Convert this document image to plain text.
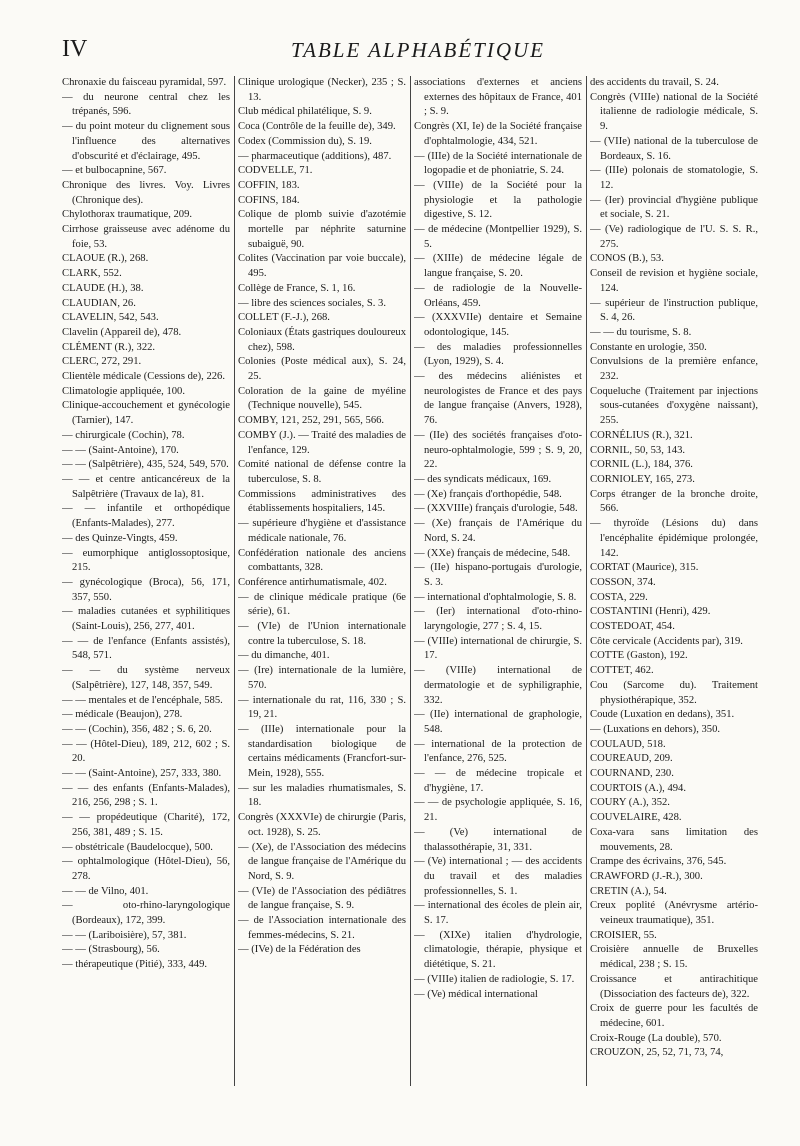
IV	TABLE ALPHABÉTIQUE

Chronaxie du faisceau pyramidal, 597.

— du neurone central chez les trépanés, 596.

— du point moteur du clignement sous l'influence des alternatives d'obscurité et d'éclairage, 495.

— et bulbocapnine, 567.

Chronique des livres. Voy. Livres (Chronique des).

Chylothorax traumatique, 209.

Cirrhose graisseuse avec adénome du foie, 53.

CLAOUE (R.), 268.

CLARK, 552.

CLAUDE (H.), 38.

CLAUDIAN, 26.

CLAVELIN, 542, 543.

Clavelin (Appareil de), 478.

CLÉMENT (R.), 322.

CLERC, 272, 291.

Clientèle médicale (Cessions de), 226.

Climatologie appliquée, 100.

Clinique-accouchement et gynécologie (Tarnier), 147.

— chirurgicale (Cochin), 78.

— — (Saint-Antoine), 170.

— — (Salpêtrière), 435, 524, 549, 570.

— — et centre anticancéreux de la Salpêtrière (Travaux de la), 81.

— — infantile et orthopédique (Enfants-Malades), 277.

— des Quinze-Vingts, 459.

— eumorphique antiglossoptosique, 215.

— gynécologique (Broca), 56, 171, 357, 550.

— maladies cutanées et syphilitiques (Saint-Louis), 256, 277, 401.

— — de l'enfance (Enfants assistés), 548, 571.

— — du système nerveux (Salpêtrière), 127, 148, 357, 549.

— — mentales et de l'encéphale, 585.

— médicale (Beaujon), 278.

— — (Cochin), 356, 482 ; S. 6, 20.

— — (Hôtel-Dieu), 189, 212, 602 ; S. 20.

— — (Saint-Antoine), 257, 333, 380.

— — des enfants (Enfants-Malades), 216, 256, 298 ; S. 1.

— — propédeutique (Charité), 172, 256, 381, 489 ; S. 15.

— obstétricale (Baudelocque), 500.

— ophtalmologique (Hôtel-Dieu), 56, 278.

— — de Vilno, 401.

— oto-rhino-laryngologique (Bordeaux), 172, 399.

— — (Lariboisière), 57, 381.

— — (Strasbourg), 56.

— thérapeutique (Pitié), 333, 449.

Clinique urologique (Necker), 235 ; S. 13.

Club médical philatélique, S. 9.

Coca (Contrôle de la feuille de), 349.

Codex (Commission du), S. 19.

— pharmaceutique (additions), 487.

CODVELLE, 71.

COFFIN, 183.

COFINS, 184.

Colique de plomb suivie d'azotémie mortelle par néphrite saturnine subaiguë, 90.

Colites (Vaccination par voie buccale), 495.

Collège de France, S. 1, 16.

— libre des sciences sociales, S. 3.

COLLET (F.-J.), 268.

Coloniaux (États gastriques douloureux chez), 598.

Colonies (Poste médical aux), S. 24, 25.

Coloration de la gaine de myéline (Technique nouvelle), 545.

COMBY, 121, 252, 291, 565, 566.

COMBY (J.). — Traité des maladies de l'enfance, 129.

Comité national de défense contre la tuberculose, S. 8.

Commissions administratives des établissements hospitaliers, 145.

— supérieure d'hygiène et d'assistance médicale nationale, 76.

Confédération nationale des anciens combattants, 328.

Conférence antirhumatismale, 402.

— de clinique médicale pratique (6e série), 61.

— (VIe) de l'Union internationale contre la tuberculose, S. 18.

— du dimanche, 401.

— (Ire) internationale de la lumière, 570.

— internationale du rat, 116, 330 ; S. 19, 21.

— (IIIe) internationale pour la standardisation biologique de certains médicaments (Francfort-sur-Mein, 1928), 555.

— sur les maladies rhumatismales, S. 18.

Congrès (XXXVIe) de chirurgie (Paris, oct. 1928), S. 25.

— (Xe), de l'Association des médecins de langue française de l'Amérique du Nord, S. 9.

— (VIe) de l'Association des pédiâtres de langue française, S. 9.

— de l'Association internationale des femmes-médecins, S. 21.

— (IVe) de la Fédération des

associations d'externes et anciens externes des hôpitaux de France, 401 ; S. 9.

Congrès (XI, Ie) de la Société française d'ophtalmologie, 434, 521.

— (IIIe) de la Société internationale de logopadie et de phoniatrie, S. 24.

— (VIIIe) de la Société pour la physiologie et la pathologie digestive, S. 12.

— de médecine (Montpellier 1929), S. 5.

— (XIIIe) de médecine légale de langue française, S. 20.

— de radiologie de la Nouvelle-Orléans, 459.

— (XXXVIIe) dentaire et Semaine odontologique, 145.

— des maladies professionnelles (Lyon, 1929), S. 4.

— des médecins aliénistes et neurologistes de France et des pays de langue française (Anvers, 1928), 76.

— (IIe) des sociétés françaises d'oto-neuro-ophtalmologie, 599 ; S. 9, 20, 22.

— des syndicats médicaux, 169.

— (Xe) français d'orthopédie, 548.

— (XXVIIIe) français d'urologie, 548.

— (Xe) français de l'Amérique du Nord, S. 24.

— (XXe) français de médecine, 548.

— (IIe) hispano-portugais d'urologie, S. 3.

— international d'ophtalmologie, S. 8.

— (Ier) international d'oto-rhino-laryngologie, 277 ; S. 4, 15.

— (VIIIe) international de chirurgie, S. 17.

— (VIIIe) international de dermatologie et de syphiligraphie, 332.

— (IIe) international de graphologie, 548.

— international de la protection de l'enfance, 276, 525.

— — de médecine tropicale et d'hygiène, 17.

— — de psychologie appliquée, S. 16, 21.

— (Ve) international de thalassothérapie, 31, 331.

— (Ve) international ; — des accidents du travail et des maladies professionnelles, S. 1.

— international des écoles de plein air, S. 17.

— (XIXe) italien d'hydrologie, climatologie, thérapie, physique et diététique, S. 21.

— (VIIIe) italien de radiologie, S. 17.

— (Ve) médical international

des accidents du travail, S. 24.

Congrès (VIIIe) national de la Société italienne de radiologie médicale, S. 9.

— (VIIe) national de la tuberculose de Bordeaux, S. 16.

— (IIIe) polonais de stomatologie, S. 12.

— (Ier) provincial d'hygiène publique et sociale, S. 21.

— (Ve) radiologique de l'U. S. S. R., 275.

CONOS (B.), 53.

Conseil de revision et hygiène sociale, 124.

— supérieur de l'instruction publique, S. 4, 26.

— — du tourisme, S. 8.

Constante en urologie, 350.

Convulsions de la première enfance, 232.

Coqueluche (Traitement par injections sous-cutanées d'oxygène naissant), 255.

CORNÉLIUS (R.), 321.

CORNIL, 50, 53, 143.

CORNIL (L.), 184, 376.

CORNIOLEY, 165, 273.

Corps étranger de la bronche droite, 566.

— thyroïde (Lésions du) dans l'encéphalite épidémique prolongée, 142.

CORTAT (Maurice), 315.

COSSON, 374.

COSTA, 229.

COSTANTINI (Henri), 429.

COSTEDOAT, 454.

Côte cervicale (Accidents par), 319.

COTTE (Gaston), 192.

COTTET, 462.

Cou (Sarcome du). Traitement physiothérapique, 352.

Coude (Luxation en dedans), 351.

— (Luxations en dehors), 350.

COULAUD, 518.

COUREAUD, 209.

COURNAND, 230.

COURTOIS (A.), 494.

COURY (A.), 352.

COUVELAIRE, 428.

Coxa-vara sans limitation des mouvements, 28.

Crampe des écrivains, 376, 545.

CRAWFORD (J.-R.), 300.

CRETIN (A.), 54.

Creux poplité (Anévrysme artério-veineux traumatique), 351.

CROISIER, 55.

Croisière annuelle de Bruxelles médical, 238 ; S. 15.

Croissance et antirachitique (Dissociation des facteurs de), 322.

Croix de guerre pour les facultés de médecine, 601.

Croix-Rouge (La double), 570.

CROUZON, 25, 52, 71, 73, 74,
